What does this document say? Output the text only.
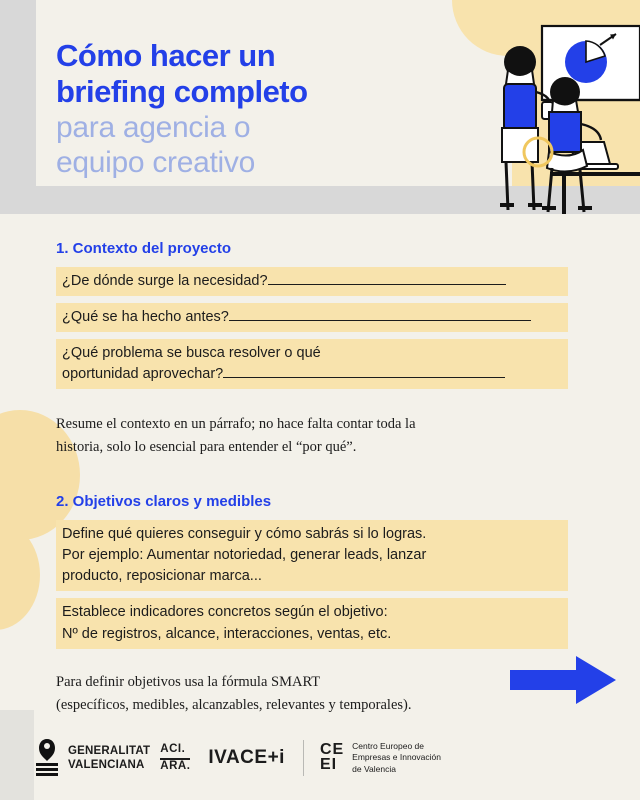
Cómo hacer un
briefing completo
para agencia o
equipo creativo
1. Contexto del proyecto
¿De dónde surge la necesidad?
¿Qué se ha hecho antes?
¿Qué problema se busca resolver o qué
oportunidad aprovechar?
Resume el contexto en un párrafo; no hace falta contar toda la
historia, solo lo esencial para entender el “por qué”.
2. Objetivos claros y medibles
Define qué quieres conseguir y cómo sabrás si lo logras.
Por ejemplo: Aumentar notoriedad, generar leads, lanzar
producto, reposicionar marca...
Establece indicadores concretos según el objetivo:
Nº de registros, alcance, interacciones, ventas, etc.
Para definir objetivos usa la fórmula SMART
(específicos, medibles, alcanzables, relevantes y temporales).
GENERALITAT
VALENCIANA
ACI.
ARA. IVACE+i CE
EI
Centro Europeo de
Empresas e Innovación
de Valencia
